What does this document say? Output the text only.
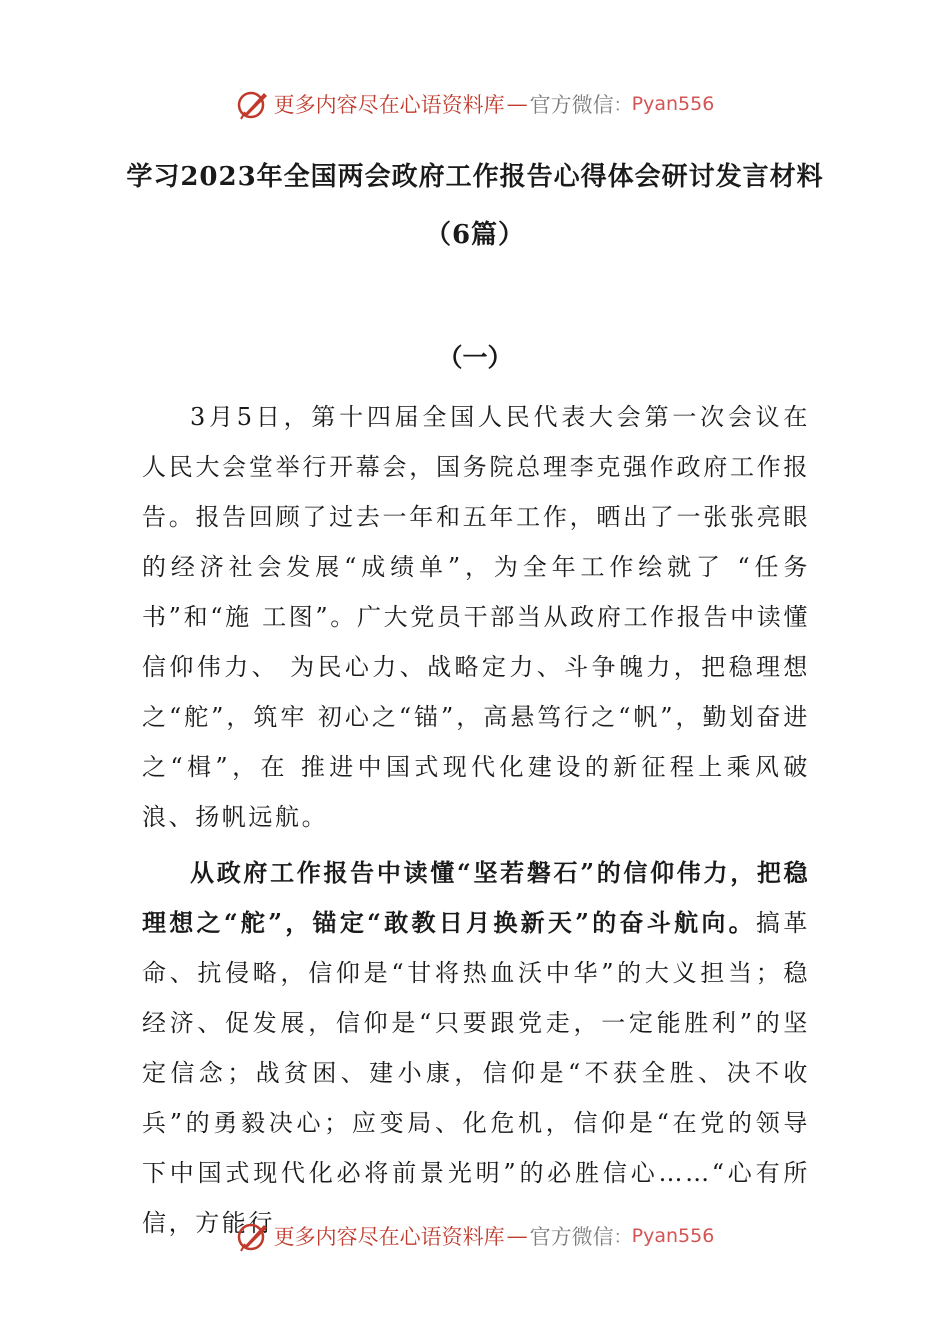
更多内容尽在心语资料库 — 官方微信 ： Pyan556
学习2023年全国两会政府工作报告心得体会研讨发言材料
（6篇）
（一）

3月5日，第十四届全国人民代表大会第一次会议在人民大会堂举行开幕会，国务院总理李克强作政府工作报告。报告回顾了过去一年和五年工作，晒出了一张张亮眼的经济社会发展“成绩单”，为全年工作绘就了 “任务书”和“施 工图”。广大党员干部当从政府工作报告中读懂信仰伟力、 为民心力、战略定力、斗争魄力，把稳理想之“舵”，筑牢 初心之“锚”，高悬笃行之“帆”，勤划奋进之“楫”，在 推进中国式现代化建设的新征程上乘风破浪、扬帆远航。

从政府工作报告中读懂“坚若磐石”的信仰伟力，把稳理想之“舵”，锚定“敢教日月换新天”的奋斗航向。搞革命、抗侵略，信仰是“甘将热血沃中华”的大义担当；稳经济、促发展，信仰是“只要跟党走，一定能胜利”的坚定信念；战贫困、建小康，信仰是“不获全胜、决不收兵”的勇毅决心；应变局、化危机，信仰是“在党的领导下中国式现代化必将前景光明”的必胜信心……“心有所信，方能行

更多内容尽在心语资料库 — 官方微信 ： Pyan556
